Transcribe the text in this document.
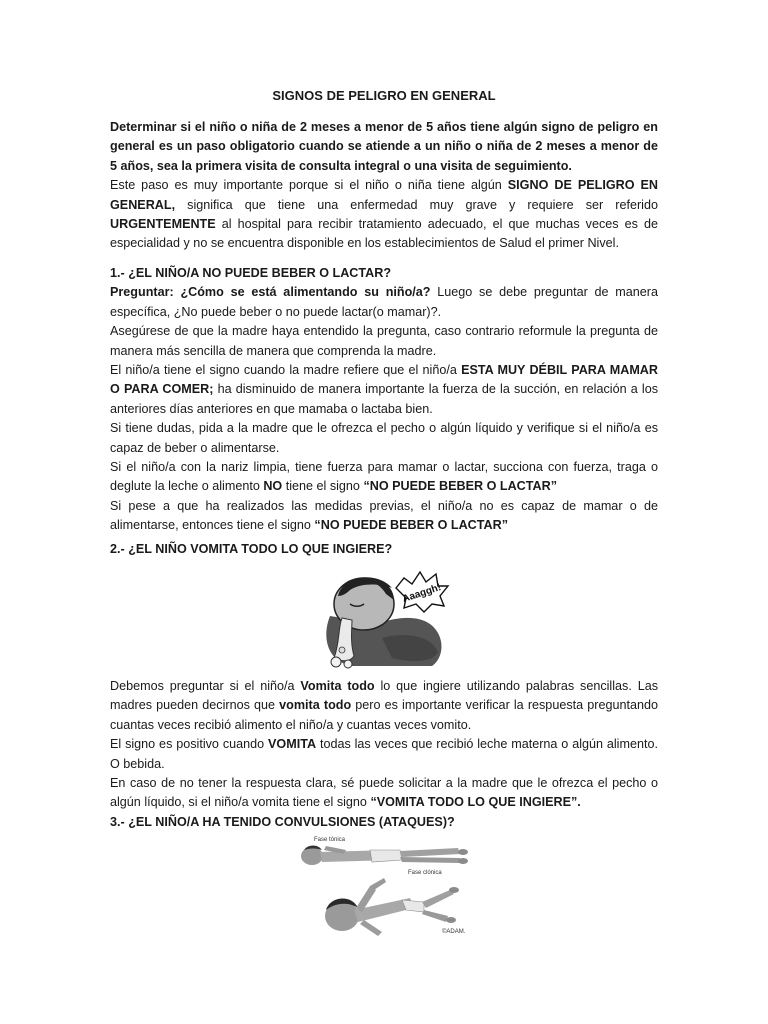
SIGNOS DE PELIGRO EN GENERAL

Determinar si el niño o niña de 2 meses a menor de 5 años tiene algún signo de peligro en general es un paso obligatorio cuando se atiende a un niño o niña de 2 meses a menor de 5 años, sea la primera visita de consulta integral o una visita de seguimiento.

Este paso es muy importante porque si el niño o niña tiene algún SIGNO DE PELIGRO EN GENERAL, significa que tiene una enfermedad muy grave y requiere ser referido URGENTEMENTE al hospital para recibir tratamiento adecuado, el que muchas veces es de especialidad y no se encuentra disponible en los establecimientos de Salud el primer Nivel.

1.- ¿EL NIÑO/A NO PUEDE BEBER O LACTAR?

Preguntar: ¿Cómo se está alimentando su niño/a? Luego se debe preguntar de manera específica, ¿No puede beber o no puede lactar(o mamar)?.

Asegúrese de que la madre haya entendido la pregunta, caso contrario reformule la pregunta de manera más sencilla de manera que comprenda la madre.

El niño/a tiene el signo cuando la madre refiere que el niño/a ESTA MUY DÉBIL PARA MAMAR O PARA COMER; ha disminuido de manera importante la fuerza de la succión, en relación a los anteriores días anteriores en que mamaba o lactaba bien.

Si tiene dudas, pida a la madre que le ofrezca el pecho o algún líquido y verifique si el niño/a es capaz de beber o alimentarse.

Si el niño/a con la nariz limpia, tiene fuerza para mamar o lactar, succiona con fuerza, traga o deglute la leche o alimento NO tiene el signo “NO PUEDE BEBER O LACTAR”

Si pese a que ha realizados las medidas previas, el niño/a no es capaz de mamar o de alimentarse, entonces tiene el signo “NO PUEDE BEBER O LACTAR”

2.- ¿EL NIÑO VOMITA TODO LO QUE INGIERE?

Aaaggh!

Debemos preguntar si el niño/a Vomita todo lo que ingiere utilizando palabras sencillas. Las madres pueden decirnos que vomita todo pero es importante verificar la respuesta preguntando cuantas veces recibió alimento el niño/a y cuantas veces vomito.

El signo es positivo cuando VOMITA todas las veces que recibió leche materna o algún alimento. O bebida.

En caso de no tener la respuesta clara, sé puede solicitar a la madre que le ofrezca el pecho o algún líquido, si el niño/a vomita tiene el signo “VOMITA TODO LO QUE INGIERE”.

3.- ¿EL NIÑO/A HA TENIDO CONVULSIONES (ATAQUES)?

Fase tónica
Fase clónica
©ADAM.
